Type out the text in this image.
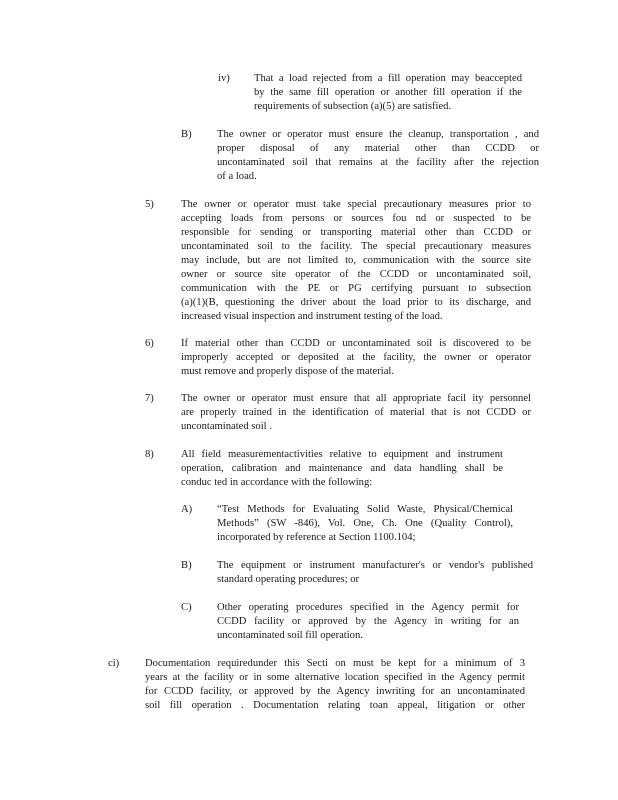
iv) That a load rejected from a fill operation may beaccepted
by the same fill operation or another fill operation if the
requirements of subsection (a)(5) are satisfied.
B) The owner or operator must ensure the cleanup, transportation , and
proper disposal of any material other than CCDD or
uncontaminated soil that remains at the facility after the rejection
of a load.
5)	The owner or operator must take special precautionary measures prior to
accepting loads from persons or sources fou nd or suspected to be
responsible for sending or transporting material other than CCDD or
uncontaminated soil to the facility. The special precautionary measures
may include, but are not limited to, communication with the source site
owner or source site operator of the CCDD or uncontaminated soil,
communication with the PE or PG certifying pursuant to subsection
(a)(1)(B, questioning the driver about the load prior to its discharge, and
increased visual inspection and instrument testing of the load.
6)	If material other than CCDD or uncontaminated soil is discovered to be
improperly accepted or deposited at the facility, the owner or operator
must remove and properly dispose of the material.
7)	The owner or operator must ensure that all appropriate facil ity personnel
are properly trained in the identification of material that is not CCDD or
uncontaminated soil .
8)	All field measurementactivities relative to equipment and instrument
operation, calibration and maintenance and data handling shall be
conduc ted in accordance with the following:
A) “Test Methods for Evaluating Solid Waste, Physical/Chemical
Methods” (SW -846), Vol. One, Ch. One (Quality Control),
incorporated by reference at Section 1100.104;
B) The equipment or instrument manufacturer's or vendor's published
standard operating procedures; or
C) Other operating procedures specified in the Agency permit for
CCDD facility or approved by the Agency in writing for an
uncontaminated soil fill operation.
ci) Documentation requiredunder this Secti on must be kept for a minimum of 3
years at the facility or in some alternative location specified in the Agency permit
for CCDD facility, or approved by the Agency inwriting for an uncontaminated
soil fill operation . Documentation relating toan appeal, litigation or other
